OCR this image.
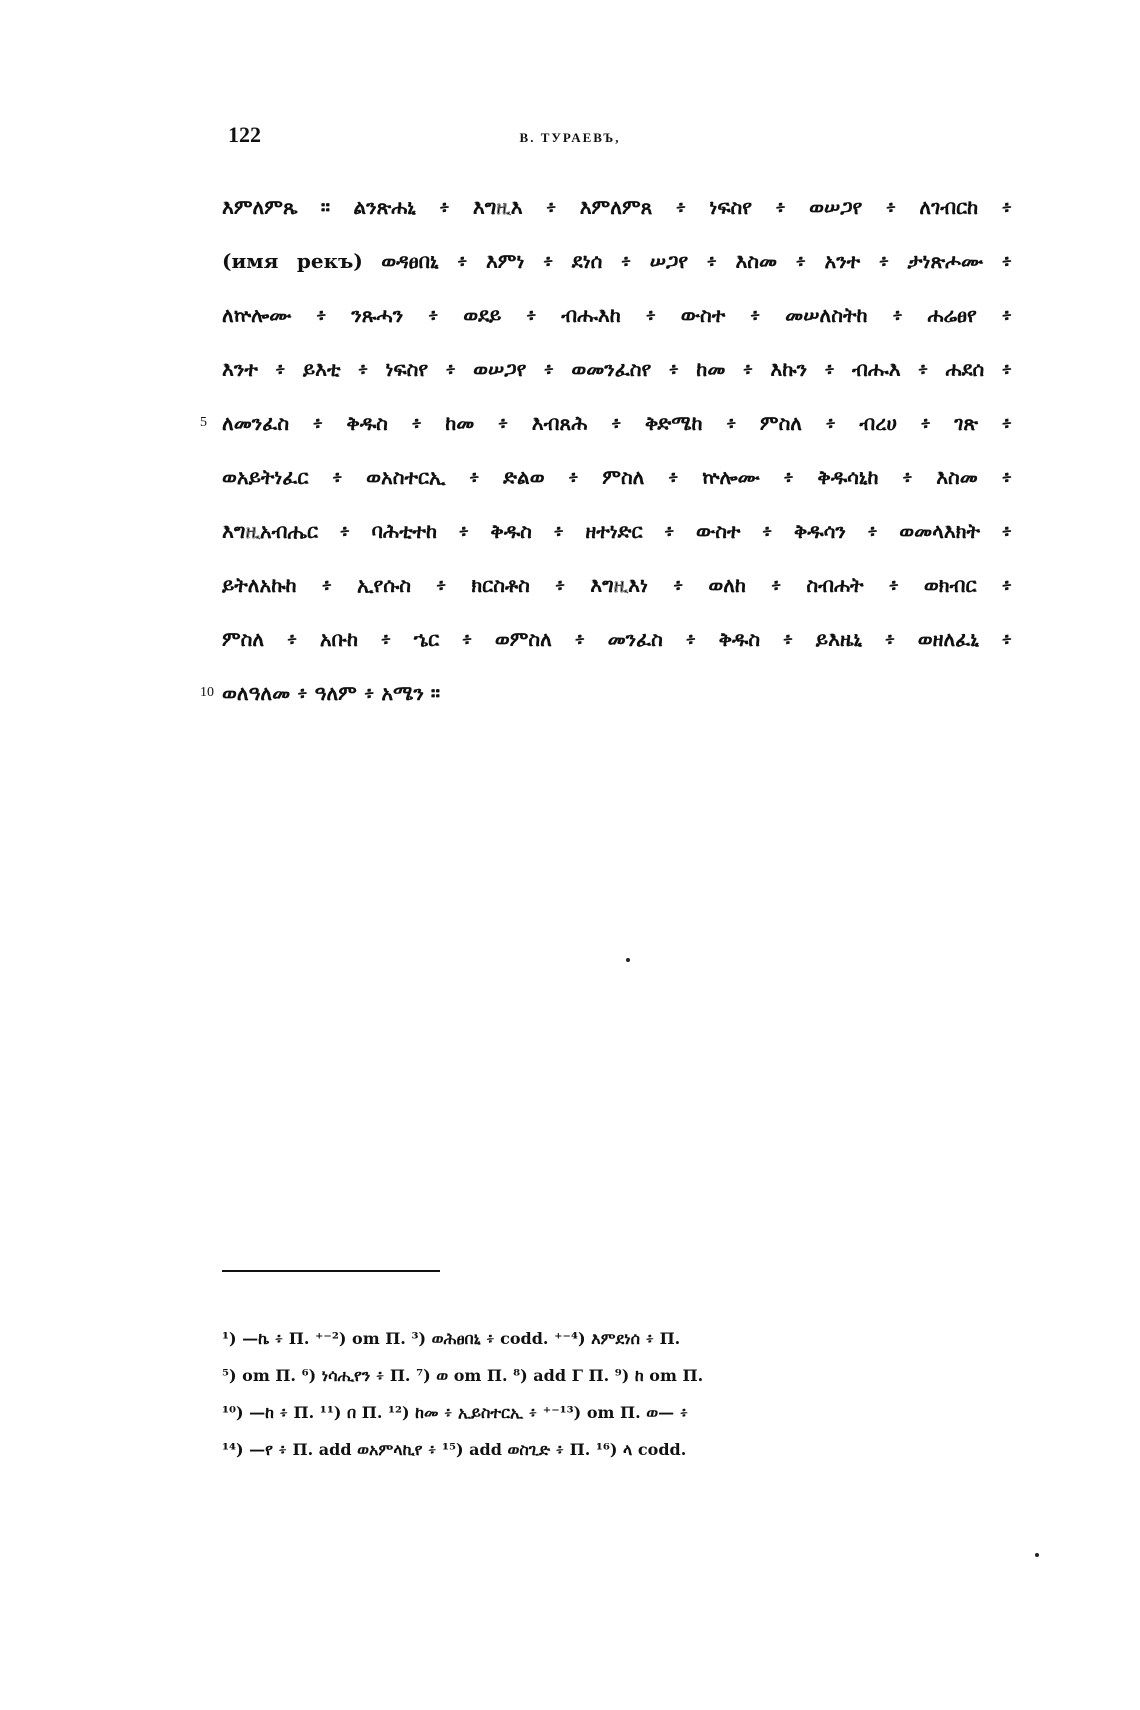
122	B. ТУРАЕВЪ,
እምለምጼ ። ልንጽሐኒ ፥ እግዚእ ፥ እምለምጸ ፥ ነፍስየ ፥ ወሠጋየ ፥ ለገብርከ ፥
(имя рекъ) ወዳፀበኒ ፥ እምነ ፥ ደነሰ ፥ ሠጋየ ፥ እስመ ፥ አንተ ፥ ታነጽሖሙ ፥
ለኵሎሙ ፥ ንጹሓን ፥ ወደይ ፥ ብሑእከ ፥ ውስተ ፥ መሠለስትከ ፥ ሐሬፀየ ፥
እንተ ፥ ይእቲ ፥ ነፍስየ ፥ ወሠጋየ ፥ ወመንፈስየ ፥ ከመ ፥ እኩን ፥ ብሑእ ፥ ሐደሰ ፥
5 ለመንፈስ ፥ ቅዱስ ፥ ከመ ፥ እብጸሕ ፥ ቅድሜከ ፥ ምስለ ፥ ብረሀ ፥ ገጽ ፥
ወአይትነፈር ፥ ወአስተርኢ ፥ ድልወ ፥ ምስለ ፥ ኵሎሙ ፥ ቅዱሳኒከ ፥ እስመ ፥
እግዚአብሔር ፥ ባሕቲተከ ፥ ቅዱስ ፥ ዘተነድር ፥ ውስተ ፥ ቅዱሳን ፥ ወመላእክት ፥
ይትለአኩከ ፥ ኢየሱስ ፥ ክርስቶስ ፥ እግዚእነ ፥ ወለከ ፥ ስብሐት ፥ ወክብር ፥
ምስለ ፥ አቡከ ፥ ኄር ፥ ወምስለ ፥ መንፈስ ፥ ቅዱስ ፥ ይእዜኒ ፥ ወዘለፈኒ ፥
10 ወለዓለመ ፥ ዓለም ፥ አሜን ።
¹) —ኬ ፥ П. ⁺⁻²) om П. ³) ወሕፀበኒ ፥ codd. ⁺⁻⁴) እምደነሰ ፥ П.
⁵) om П. ⁶) ነሳሒየን ፥ П. ⁷) ወ om П. ⁸) add Γ П. ⁹) ከ om П.
¹⁰) —ከ ፥ П. ¹¹) በ П. ¹²) ከመ ፥ ኢይስተርኢ ፥ ⁺⁻¹³) om П. ወ— ፥
¹⁴) —የ ፥ П. add ወአምላኪየ ፥ ¹⁵) add ወስጊድ ፥ П. ¹⁶) ላ codd.
